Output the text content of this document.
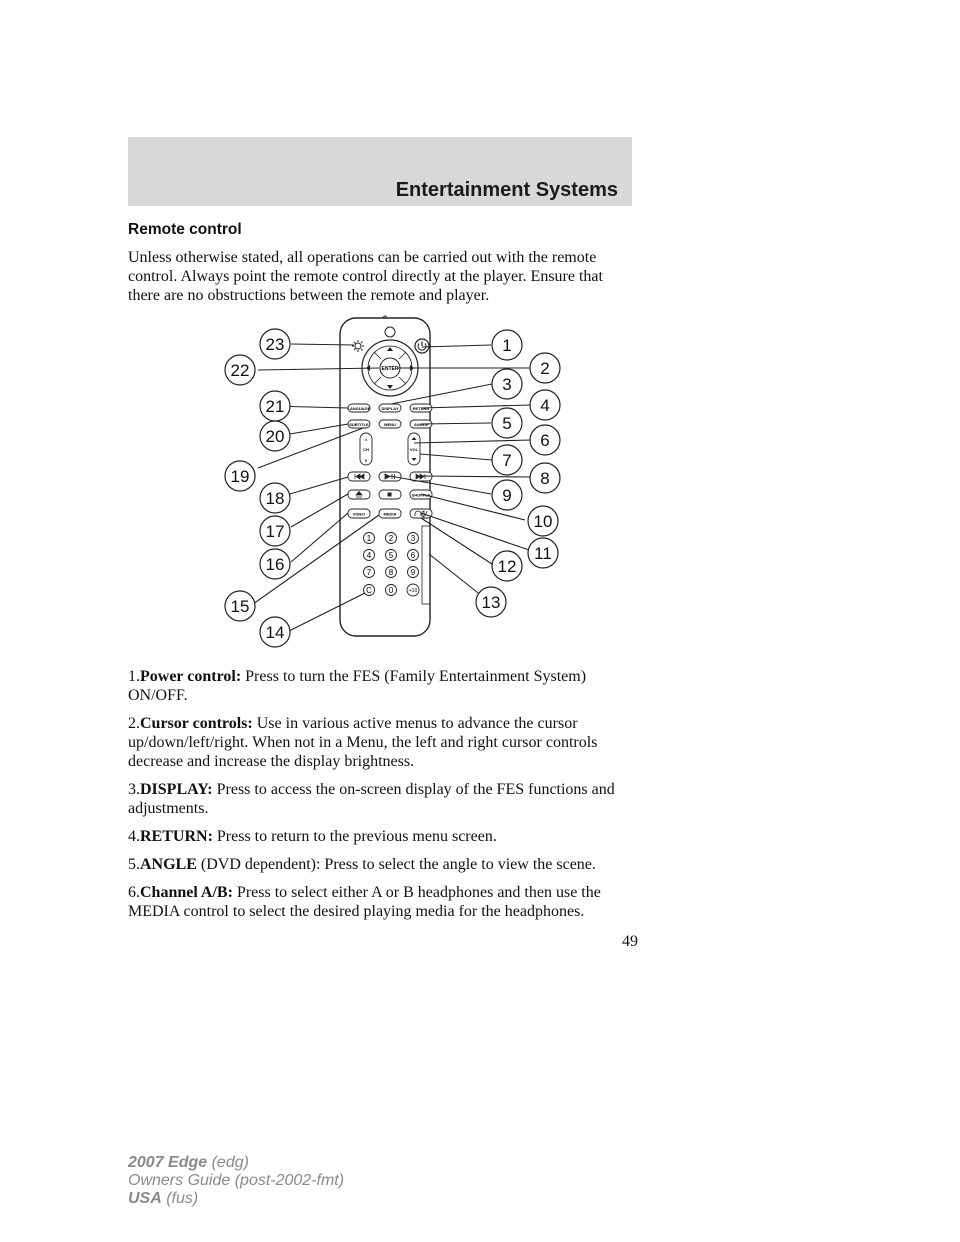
Entertainment Systems
Remote control

Unless otherwise stated, all operations can be carried out with the remote control. Always point the remote control directly at the player. Ensure that there are no obstructions between the remote and player.

ENTER
LANGUAGE	DISPLAY	RETURN
SUBTITLE	MENU	ANGLE
A
CH
B
VOL
SHUFFLE
VIDEO	MEDIA
1 2 3
4 5 6
7 8 9
C 0	+10
23
22
21
20
19
18
17
16
15
14
1
2
3
4
5
6
7
8
9
10
11
12
13

1.Power control: Press to turn the FES (Family Entertainment System) ON/OFF.

2.Cursor controls: Use in various active menus to advance the cursor up/down/left/right. When not in a Menu, the left and right cursor controls decrease and increase the display brightness.

3.DISPLAY: Press to access the on-screen display of the FES functions and adjustments.

4.RETURN: Press to return to the previous menu screen.

5.ANGLE (DVD dependent): Press to select the angle to view the scene.

6.Channel A/B: Press to select either A or B headphones and then use the MEDIA control to select the desired playing media for the headphones.

49
2007 Edge (edg)
Owners Guide (post-2002-fmt)
USA (fus)
